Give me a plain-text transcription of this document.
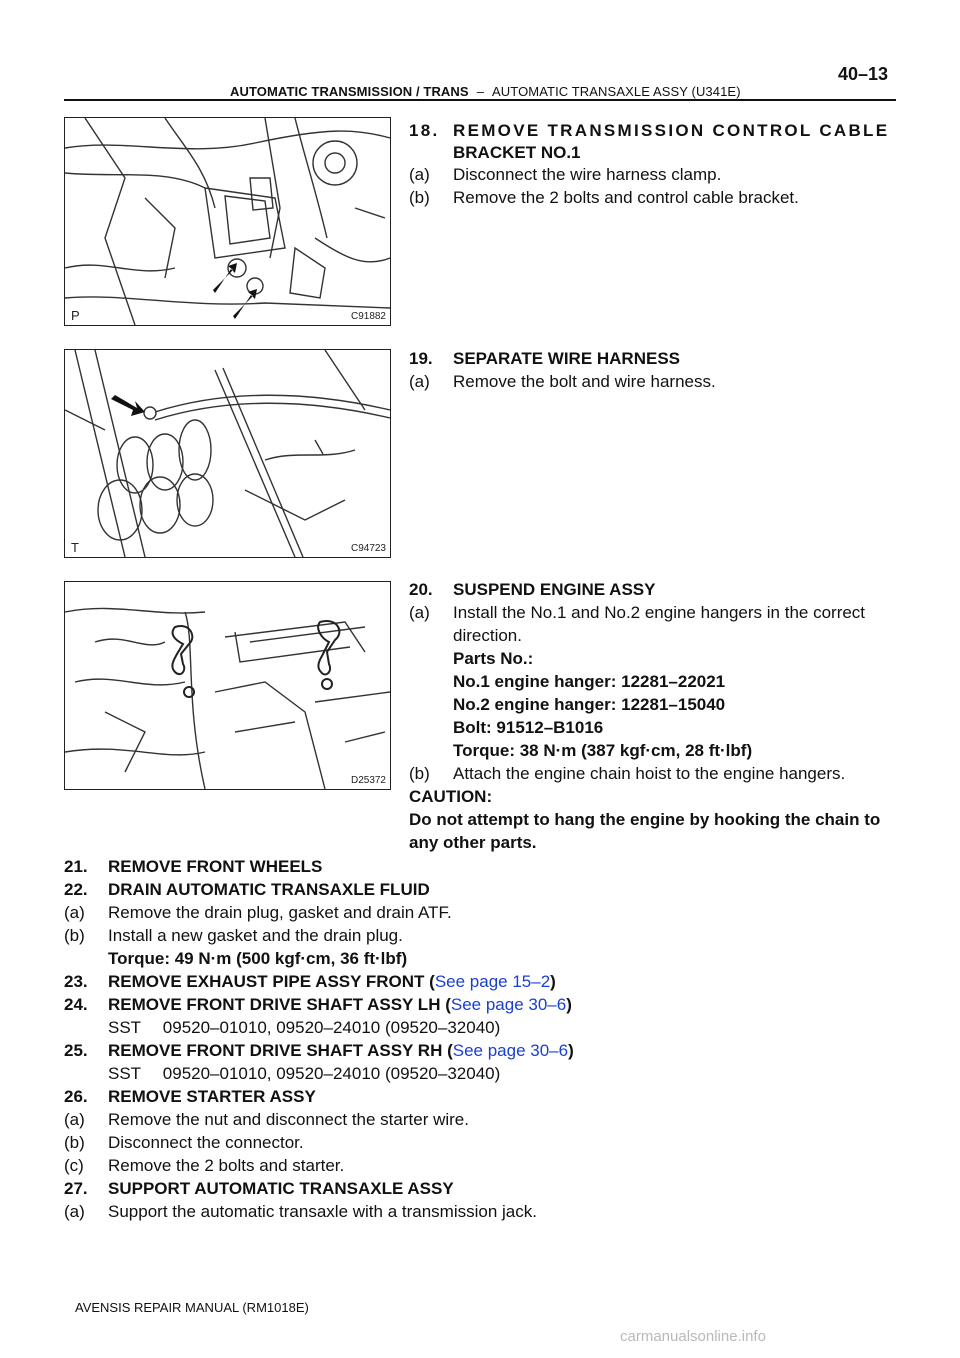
AUTOMATIC TRANSMISSION / TRANS – AUTOMATIC TRANSAXLE ASSY (U341E)
40–13
P	C91882
T	C94723
D25372
18. REMOVE TRANSMISSION CONTROL CABLE
BRACKET NO.1
(a) Disconnect the wire harness clamp.
(b) Remove the 2 bolts and control cable bracket.
19. SEPARATE WIRE HARNESS
(a) Remove the bolt and wire harness.
20. SUSPEND ENGINE ASSY
(a) Install the No.1 and No.2 engine hangers in the correct
direction.
Parts No.:
No.1 engine hanger: 12281–22021
No.2 engine hanger: 12281–15040
Bolt: 91512–B1016
Torque: 38 N·m (387 kgf·cm, 28 ft·lbf)
(b) Attach the engine chain hoist to the engine hangers.
CAUTION:
Do not attempt to hang the engine by hooking the chain to
any other parts.
21. REMOVE FRONT WHEELS
22. DRAIN AUTOMATIC TRANSAXLE FLUID
(a) Remove the drain plug, gasket and drain ATF.
(b) Install a new gasket and the drain plug.
Torque: 49 N·m (500 kgf·cm, 36 ft·lbf)
23. REMOVE EXHAUST PIPE ASSY FRONT (See page 15–2)
24. REMOVE FRONT DRIVE SHAFT ASSY LH (See page 30–6)
SST  09520–01010, 09520–24010 (09520–32040)
25. REMOVE FRONT DRIVE SHAFT ASSY RH (See page 30–6)
SST  09520–01010, 09520–24010 (09520–32040)
26. REMOVE STARTER ASSY
(a) Remove the nut and disconnect the starter wire.
(b) Disconnect the connector.
(c) Remove the 2 bolts and starter.
27. SUPPORT AUTOMATIC TRANSAXLE ASSY
(a) Support the automatic transaxle with a transmission jack.
AVENSIS REPAIR MANUAL (RM1018E)
carmanualsonline.info
